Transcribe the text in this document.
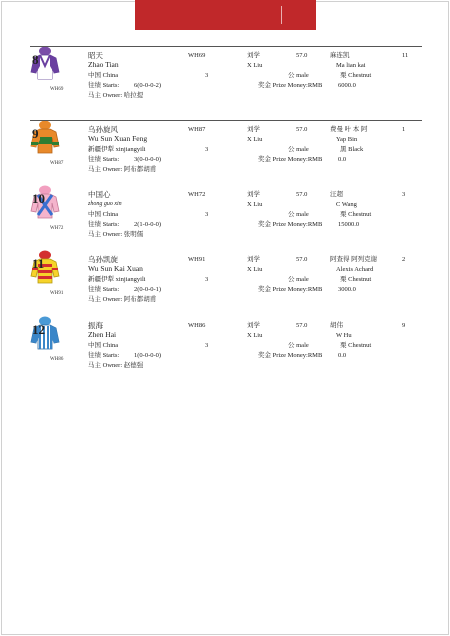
8
WH69
昭天
Zhao Tian
中国 China
往绩 Starts: 6(0-0-0-2)
马主 Owner: 哈拉提
WH69
3
刘学
X Liu
57.0
公 male
奖金 Prize Money:RMB 6000.0
麻连凯
Ma lian kai
栗 Chestnut
11
9
WH87
乌孙旋风
Wu Sun Xuan Feng
新疆伊犁 xinjiangyili
往绩 Starts: 3(0-0-0-0)
马主 Owner: 阿布都胡甫
WH87
3
刘学
X Liu
57.0
公 male
奖金 Prize Money:RMB 0.0
费曼 叶 本 阿
Yap Bin
黑 Black
1
10
WH72
中国心
zhong guo xin
中国 China
往绩 Starts: 2(1-0-0-0)
马主 Owner: 张明儒
WH72
3
刘学
X Liu
57.0
公 male
奖金 Prize Money:RMB 15000.0
汪超
C Wang
栗 Chestnut
3
11
WH91
乌孙凯旋
Wu Sun Kai Xuan
新疆伊犁 xinjiangyili
往绩 Starts: 2(0-0-0-1)
马主 Owner: 阿布都胡甫
WH91
3
刘学
X Liu
57.0
公 male
奖金 Prize Money:RMB 3000.0
阿查得 阿列克谢
Alexis Achard
栗 Chestnut
2
12
WH86
振海
Zhen Hai
中国 China
往绩 Starts: 1(0-0-0-0)
马主 Owner: 赵德强
WH86
3
刘学
X Liu
57.0
公 male
奖金 Prize Money:RMB 0.0
胡伟
W Hu
栗 Chestnut
9
